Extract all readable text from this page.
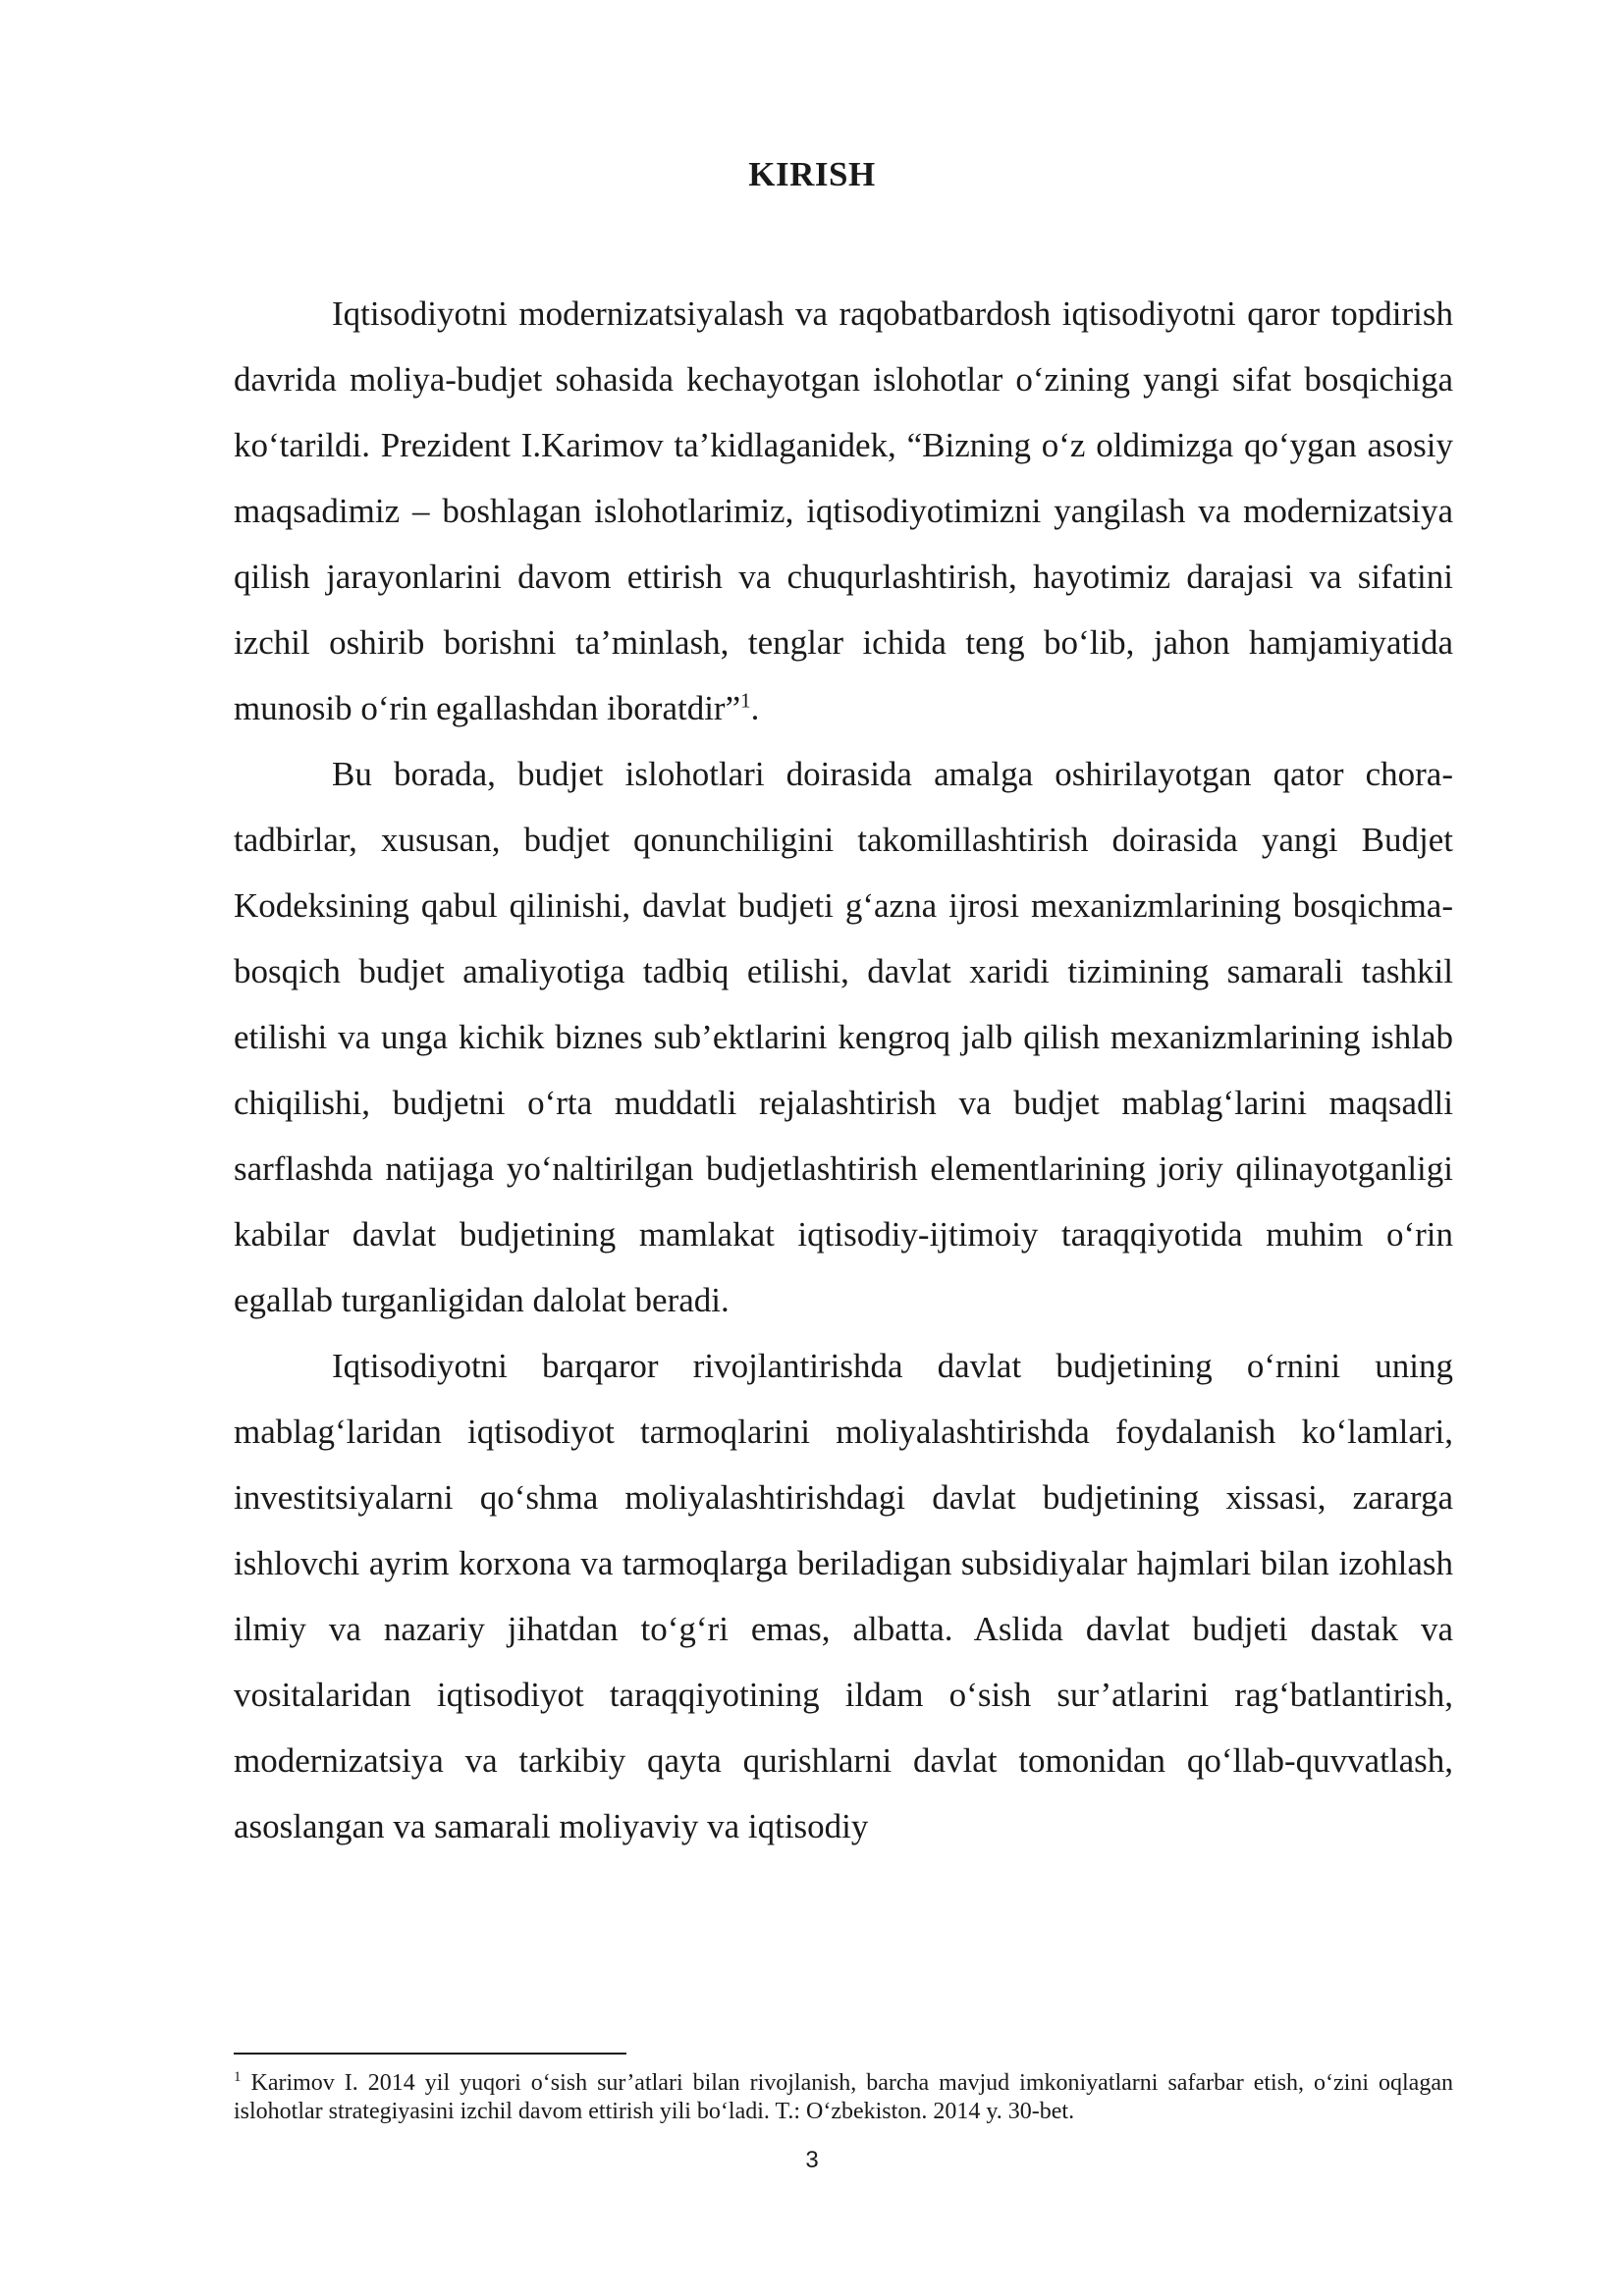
KIRISH

Iqtisodiyotni modernizatsiyalash va raqobatbardosh iqtisodiyotni qaror topdirish davrida moliya-budjet sohasida kechayotgan islohotlar o‘zining yangi sifat bosqichiga ko‘tarildi. Prezident I.Karimov ta’kidlaganidek, “Bizning o‘z oldimizga qo‘ygan asosiy maqsadimiz – boshlagan islohotlarimiz, iqtisodiyotimizni yangilash va modernizatsiya qilish jarayonlarini davom ettirish va chuqurlashtirish, hayotimiz darajasi va sifatini izchil oshirib borishni ta’minlash, tenglar ichida teng bo‘lib, jahon hamjamiyatida munosib o‘rin egallashdan iboratdir”$^1$.

Bu borada, budjet islohotlari doirasida amalga oshirilayotgan qator chora-tadbirlar, xususan, budjet qonunchiligini takomillashtirish doirasida yangi Budjet Kodeksining qabul qilinishi, davlat budjeti g‘azna ijrosi mexanizmlarining bosqichma-bosqich budjet amaliyotiga tadbiq etilishi, davlat xaridi tizimining samarali tashkil etilishi va unga kichik biznes sub’ektlarini kengroq jalb qilish mexanizmlarining ishlab chiqilishi, budjetni o‘rta muddatli rejalashtirish va budjet mablag‘larini maqsadli sarflashda natijaga yo‘naltirilgan budjetlashtirish elementlarining joriy qilinayotganligi kabilar davlat budjetining mamlakat iqtisodiy-ijtimoiy taraqqiyotida muhim o‘rin egallab turganligidan dalolat beradi.

Iqtisodiyotni barqaror rivojlantirishda davlat budjetining o‘rnini uning mablag‘laridan iqtisodiyot tarmoqlarini moliyalashtirishda foydalanish ko‘lamlari, investitsiyalarni qo‘shma moliyalashtirishdagi davlat budjetining xissasi, zararga ishlovchi ayrim korxona va tarmoqlarga beriladigan subsidiyalar hajmlari bilan izohlash ilmiy va nazariy jihatdan to‘g‘ri emas, albatta. Aslida davlat budjeti dastak va vositalaridan iqtisodiyot taraqqiyotining ildam o‘sish sur’atlarini rag‘batlantirish, modernizatsiya va tarkibiy qayta qurishlarni davlat tomonidan qo‘llab-quvvatlash, asoslangan va samarali moliyaviy va iqtisodiy

$^1$ Karimov I. 2014 yil yuqori o‘sish sur’atlari bilan rivojlanish, barcha mavjud imkoniyatlarni safarbar etish, o‘zini oqlagan islohotlar strategiyasini izchil davom ettirish yili bo‘ladi. T.: O‘zbekiston. 2014 y. 30-bet.
3
